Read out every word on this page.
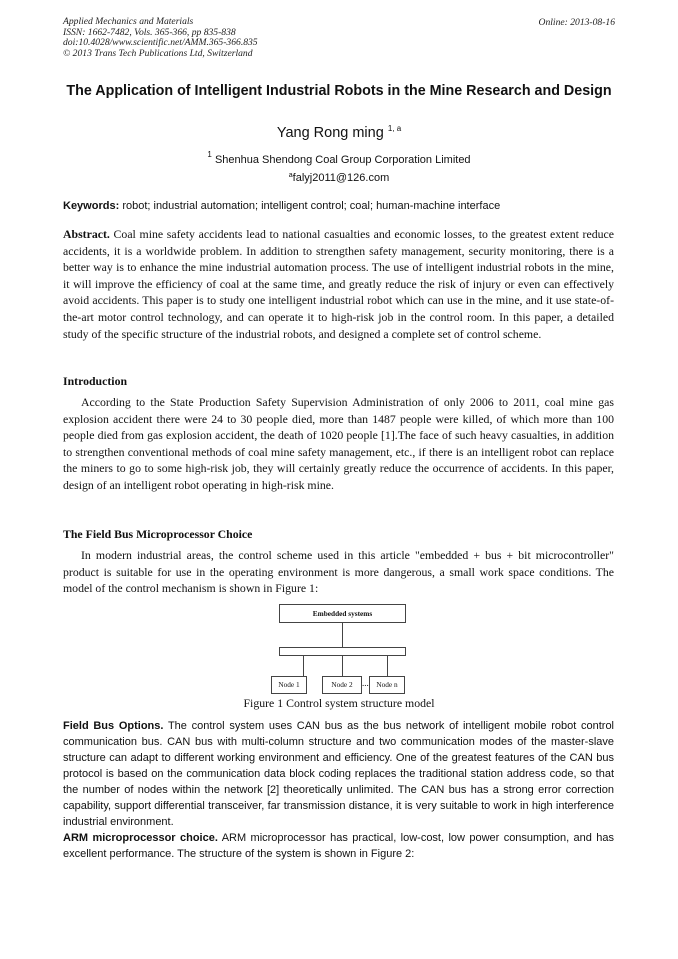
Applied Mechanics and Materials
ISSN: 1662-7482, Vols. 365-366, pp 835-838
doi:10.4028/www.scientific.net/AMM.365-366.835
© 2013 Trans Tech Publications Ltd, Switzerland
Online: 2013-08-16
The Application of Intelligent Industrial Robots in the Mine Research and Design
Yang Rong ming $^{1, a}$
$^1$ Shenhua Shendong Coal Group Corporation Limited
$^a$falyj2011@126.com
Keywords: robot; industrial automation; intelligent control; coal; human-machine interface
Abstract. Coal mine safety accidents lead to national casualties and economic losses, to the greatest extent reduce accidents, it is a worldwide problem. In addition to strengthen safety management, security monitoring, there is a better way is to enhance the mine industrial automation process. The use of intelligent industrial robots in the mine, it will improve the efficiency of coal at the same time, and greatly reduce the risk of injury or even can effectively avoid accidents. This paper is to study one intelligent industrial robot which can use in the mine, and it use state-of-the-art motor control technology, and can operate it to high-risk job in the control room. In this paper, a detailed study of the specific structure of the industrial robots, and designed a complete set of control scheme.
Introduction
According to the State Production Safety Supervision Administration of only 2006 to 2011, coal mine gas explosion accident there were 24 to 30 people died, more than 1487 people were killed, of which more than 100 people died from gas explosion accident, the death of 1020 people [1].The face of such heavy casualties, in addition to strengthen conventional methods of coal mine safety management, etc., if there is an intelligent robot can replace the miners to go to some high-risk job, they will certainly greatly reduce the occurrence of accidents. In this paper, design of an intelligent robot operating in high-risk mine.
The Field Bus Microprocessor Choice
In modern industrial areas, the control scheme used in this article "embedded + bus + bit microcontroller" product is suitable for use in the operating environment is more dangerous, a small work space conditions. The model of the control mechanism is shown in Figure 1:
Embedded systems
Node 1	Node 2	...	Node n
Figure 1 Control system structure model
Field Bus Options. The control system uses CAN bus as the bus network of intelligent mobile robot control communication bus. CAN bus with multi-column structure and two communication modes of the master-slave structure can adapt to different working environment and efficiency. One of the greatest features of the CAN bus protocol is based on the communication data block coding replaces the traditional station address code, so that the number of nodes within the network [2] theoretically unlimited. The CAN bus has a strong error correction capability, support differential transceiver, far transmission distance, it is very suitable to work in high interference industrial environment.
ARM microprocessor choice. ARM microprocessor has practical, low-cost, low power consumption, and has excellent performance. The structure of the system is shown in Figure 2:
